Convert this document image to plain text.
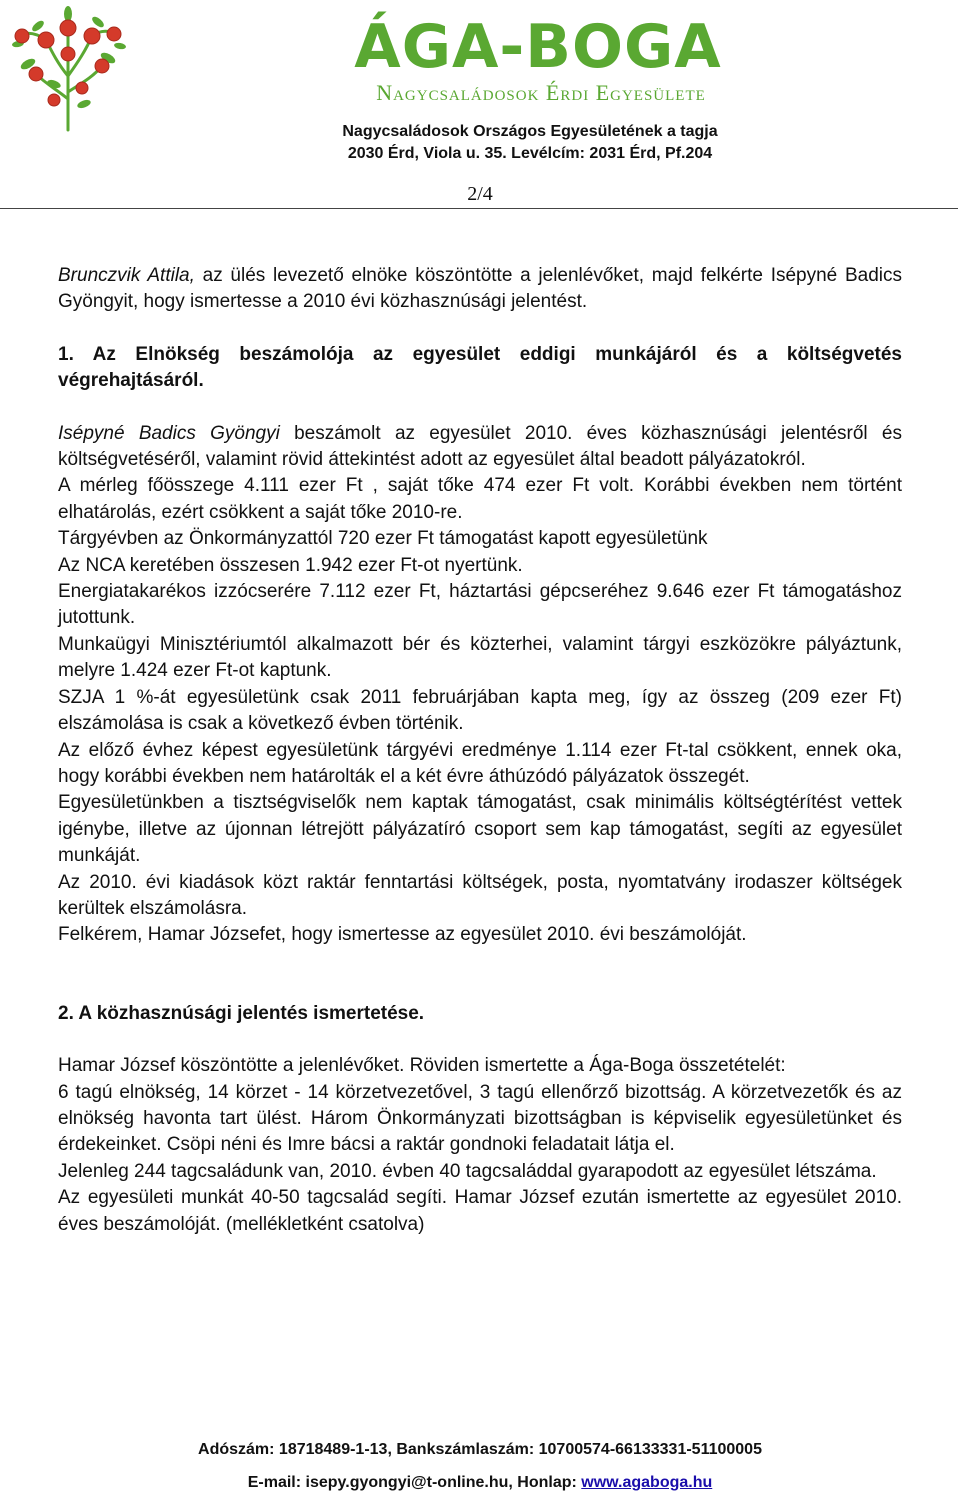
ÁGA-BOGA
Nagycsaládosok Érdi Egyesülete
Nagycsaládosok Országos Egyesületének a tagja
2030 Érd, Viola u. 35. Levélcím: 2031 Érd, Pf.204
2/4

Brunczvik Attila, az ülés levezető elnöke köszöntötte a jelenlévőket, majd felkérte Isépyné Badics Gyöngyit, hogy ismertesse a 2010 évi közhasznúsági jelentést.

1. Az Elnökség beszámolója az egyesület eddigi munkájáról és a költségvetés végrehajtásáról.

Isépyné Badics Gyöngyi beszámolt az egyesület 2010. éves közhasznúsági jelentésről és költségvetéséről, valamint rövid áttekintést adott az egyesület által beadott pályázatokról.

A mérleg főösszege 4.111 ezer Ft , saját tőke 474 ezer Ft volt. Korábbi években nem történt elhatárolás, ezért csökkent a saját tőke 2010-re.

Tárgyévben az Önkormányzattól 720 ezer Ft támogatást kapott egyesületünk

Az NCA keretében összesen 1.942 ezer Ft-ot nyertünk.

Energiatakarékos izzócserére 7.112 ezer Ft, háztartási gépcseréhez 9.646 ezer Ft támogatáshoz jutottunk.

Munkaügyi Minisztériumtól alkalmazott bér és közterhei, valamint tárgyi eszközökre pályáztunk, melyre 1.424 ezer Ft-ot kaptunk.

SZJA 1 %-át egyesületünk csak 2011 februárjában kapta meg, így az összeg (209 ezer Ft) elszámolása is csak a következő évben történik.

Az előző évhez képest egyesületünk tárgyévi eredménye 1.114 ezer Ft-tal csökkent, ennek oka, hogy korábbi években nem határolták el a két évre áthúzódó pályázatok összegét.

Egyesületünkben a tisztségviselők nem kaptak támogatást, csak minimális költségtérítést vettek igénybe, illetve az újonnan létrejött pályázatíró csoport sem kap támogatást, segíti az egyesület munkáját.

Az 2010. évi kiadások közt raktár fenntartási költségek, posta, nyomtatvány irodaszer költségek kerültek elszámolásra.

Felkérem, Hamar Józsefet, hogy ismertesse az egyesület 2010. évi beszámolóját.

2. A közhasznúsági jelentés ismertetése.

Hamar József köszöntötte a jelenlévőket. Röviden ismertette a Ága-Boga összetételét:

6 tagú elnökség, 14 körzet - 14 körzetvezetővel, 3 tagú ellenőrző bizottság. A körzetvezetők és az elnökség havonta tart ülést. Három Önkormányzati bizottságban is képviselik egyesületünket és érdekeinket. Csöpi néni és Imre bácsi a raktár gondnoki feladatait látja el.

Jelenleg 244 tagcsaládunk van, 2010. évben 40 tagcsaláddal gyarapodott az egyesület létszáma.

Az egyesületi munkát 40-50 tagcsalád segíti. Hamar József ezután ismertette az egyesület 2010. éves beszámolóját. (mellékletként csatolva)

Adószám: 18718489-1-13, Bankszámlaszám: 10700574-66133331-51100005
E-mail: isepy.gyongyi@t-online.hu, Honlap: www.agaboga.hu
